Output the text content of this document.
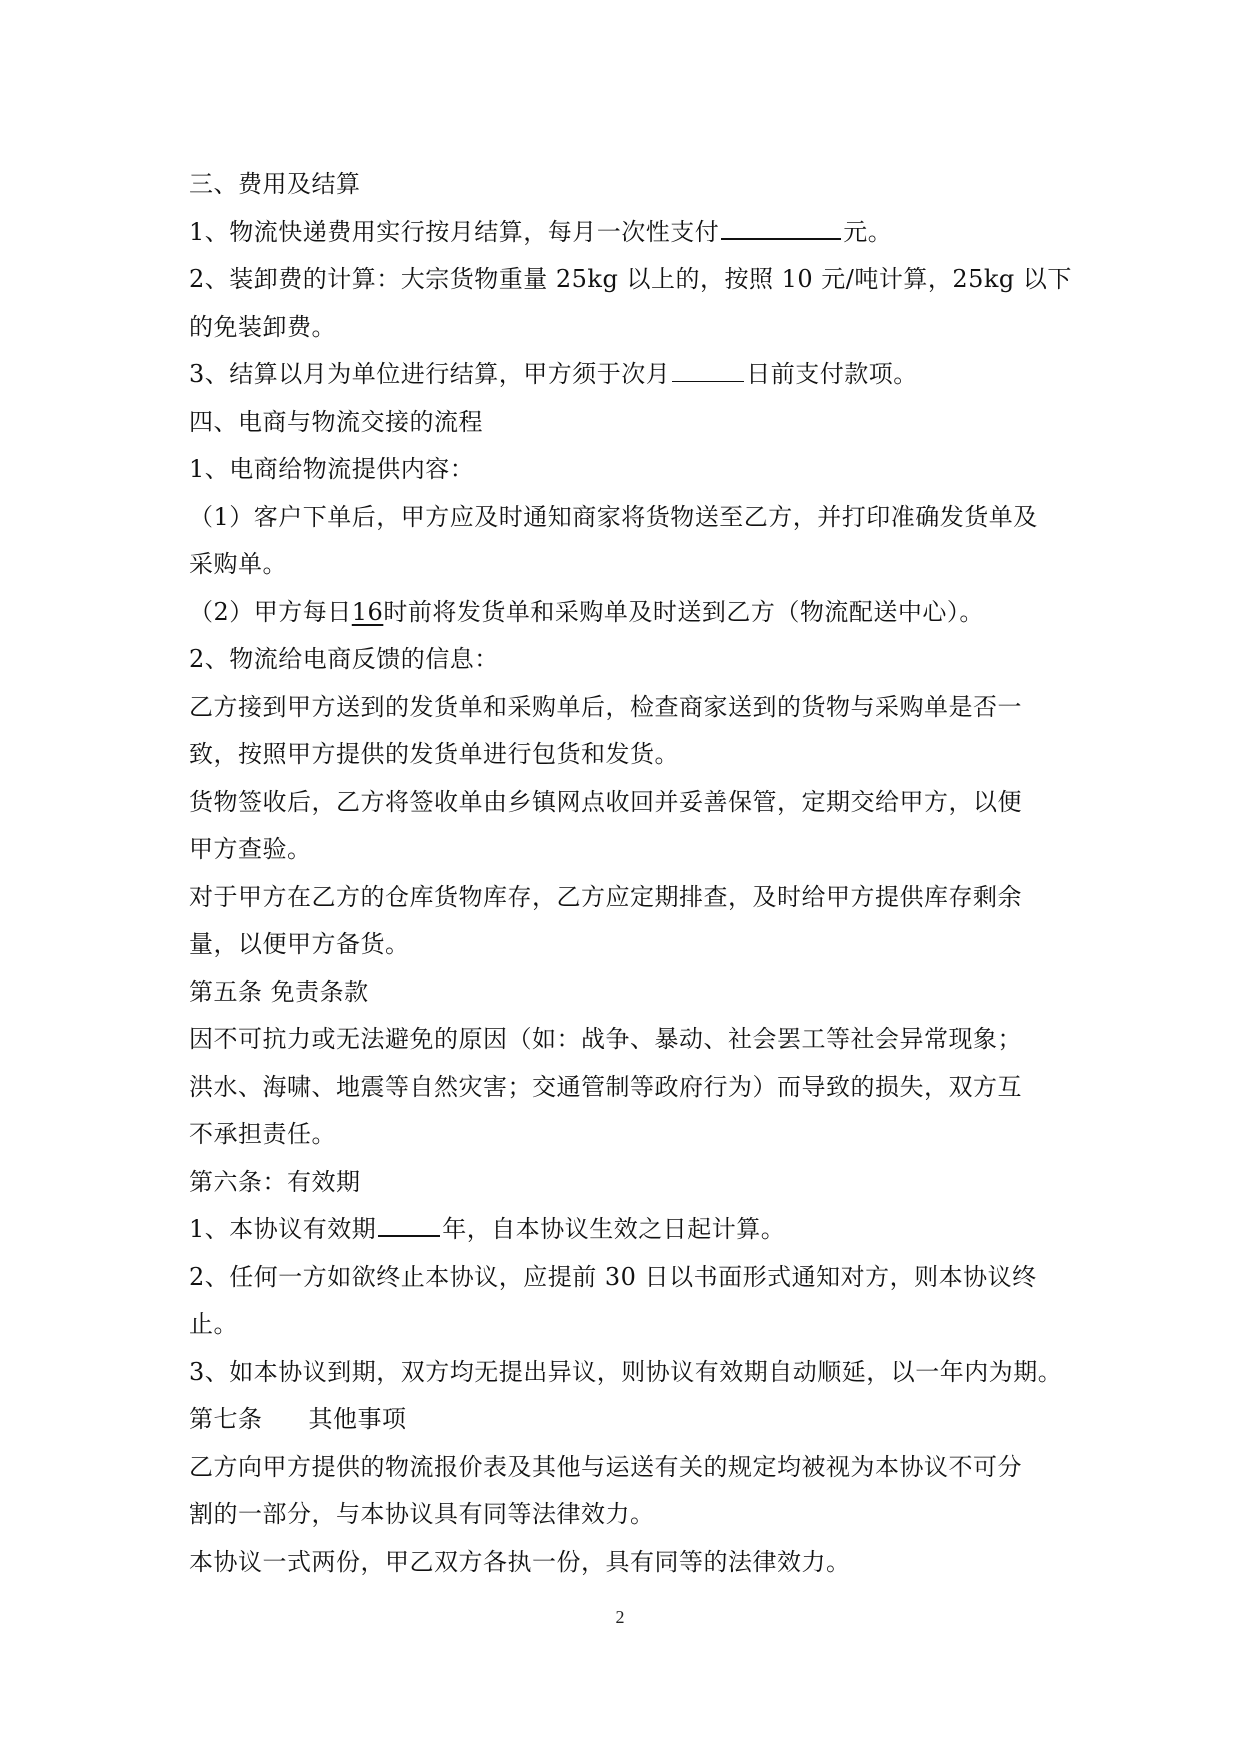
三、费用及结算
1、物流快递费用实行按月结算，每月一次性支付	元。
2、装卸费的计算：大宗货物重量 25kg 以上的，按照 10 元/吨计算，25kg 以下
的免装卸费。
3、结算以月为单位进行结算，甲方须于次月	日前支付款项。
四、电商与物流交接的流程
1、电商给物流提供内容：
（1）客户下单后，甲方应及时通知商家将货物送至乙方，并打印准确发货单及
采购单。
（2）甲方每日16时前将发货单和采购单及时送到乙方（物流配送中心）。
2、物流给电商反馈的信息：
乙方接到甲方送到的发货单和采购单后，检查商家送到的货物与采购单是否一
致，按照甲方提供的发货单进行包货和发货。
货物签收后，乙方将签收单由乡镇网点收回并妥善保管，定期交给甲方，以便
甲方查验。
对于甲方在乙方的仓库货物库存，乙方应定期排查，及时给甲方提供库存剩余
量，以便甲方备货。
第五条 免责条款
因不可抗力或无法避免的原因（如：战争、暴动、社会罢工等社会异常现象；
洪水、海啸、地震等自然灾害；交通管制等政府行为）而导致的损失，双方互
不承担责任。
第六条：有效期
1、本协议有效期	年，自本协议生效之日起计算。
2、任何一方如欲终止本协议，应提前 30 日以书面形式通知对方，则本协议终
止。
3、如本协议到期，双方均无提出异议，则协议有效期自动顺延，以一年内为期。
第七条 其他事项
乙方向甲方提供的物流报价表及其他与运送有关的规定均被视为本协议不可分
割的一部分，与本协议具有同等法律效力。
本协议一式两份，甲乙双方各执一份，具有同等的法律效力。
2
